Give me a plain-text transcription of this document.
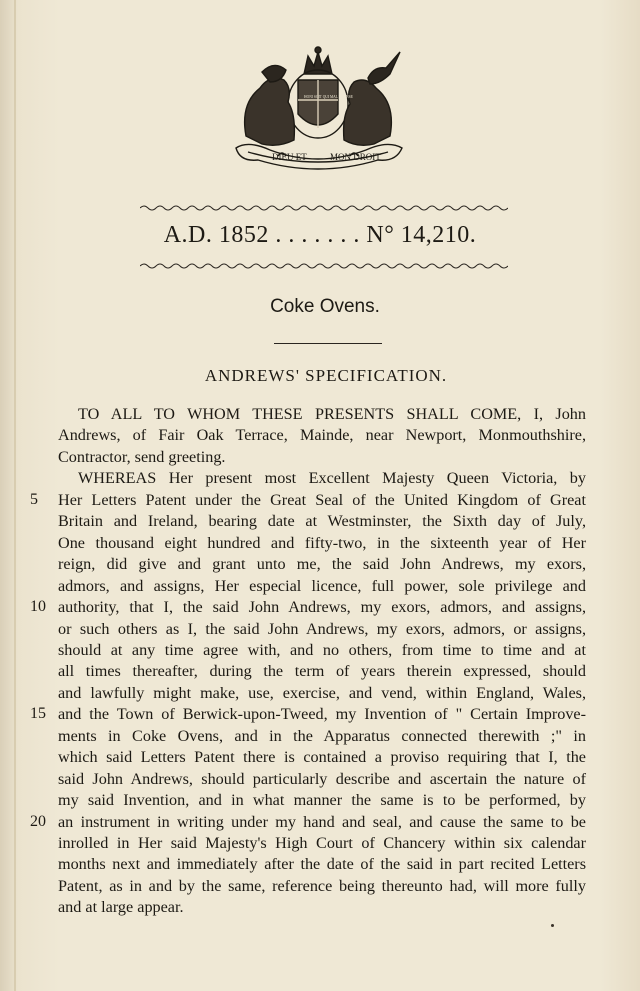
DIEU ET	MON DROIT
HONI SOIT QUI MAL Y PENSE
A.D. 1852 . . . . . . . N° 14,210.
Coke Ovens.
ANDREWS' SPECIFICATION.
TO ALL TO WHOM THESE PRESENTS SHALL COME, I, John
Andrews, of Fair Oak Terrace, Mainde, near Newport, Monmouthshire,
Contractor, send greeting.
WHEREAS Her present most Excellent Majesty Queen Victoria, by
Her Letters Patent under the Great Seal of the United Kingdom of Great
5
Britain and Ireland, bearing date at Westminster, the Sixth day of July,
One thousand eight hundred and fifty-two, in the sixteenth year of Her
reign, did give and grant unto me, the said John Andrews, my exors,
admors, and assigns, Her especial licence, full power, sole privilege and
authority, that I, the said John Andrews, my exors, admors, and assigns,
10
or such others as I, the said John Andrews, my exors, admors, or assigns,
should at any time agree with, and no others, from time to time and at
all times thereafter, during the term of years therein expressed, should
and lawfully might make, use, exercise, and vend, within England, Wales,
and the Town of Berwick-upon-Tweed, my Invention of " Certain Improve-
15
ments in Coke Ovens, and in the Apparatus connected therewith ;" in
which said Letters Patent there is contained a proviso requiring that I, the
said John Andrews, should particularly describe and ascertain the nature of
my said Invention, and in what manner the same is to be performed, by
an instrument in writing under my hand and seal, and cause the same to be
20
inrolled in Her said Majesty's High Court of Chancery within six calendar
months next and immediately after the date of the said in part recited Letters
Patent, as in and by the same, reference being thereunto had, will more fully
and at large appear.
